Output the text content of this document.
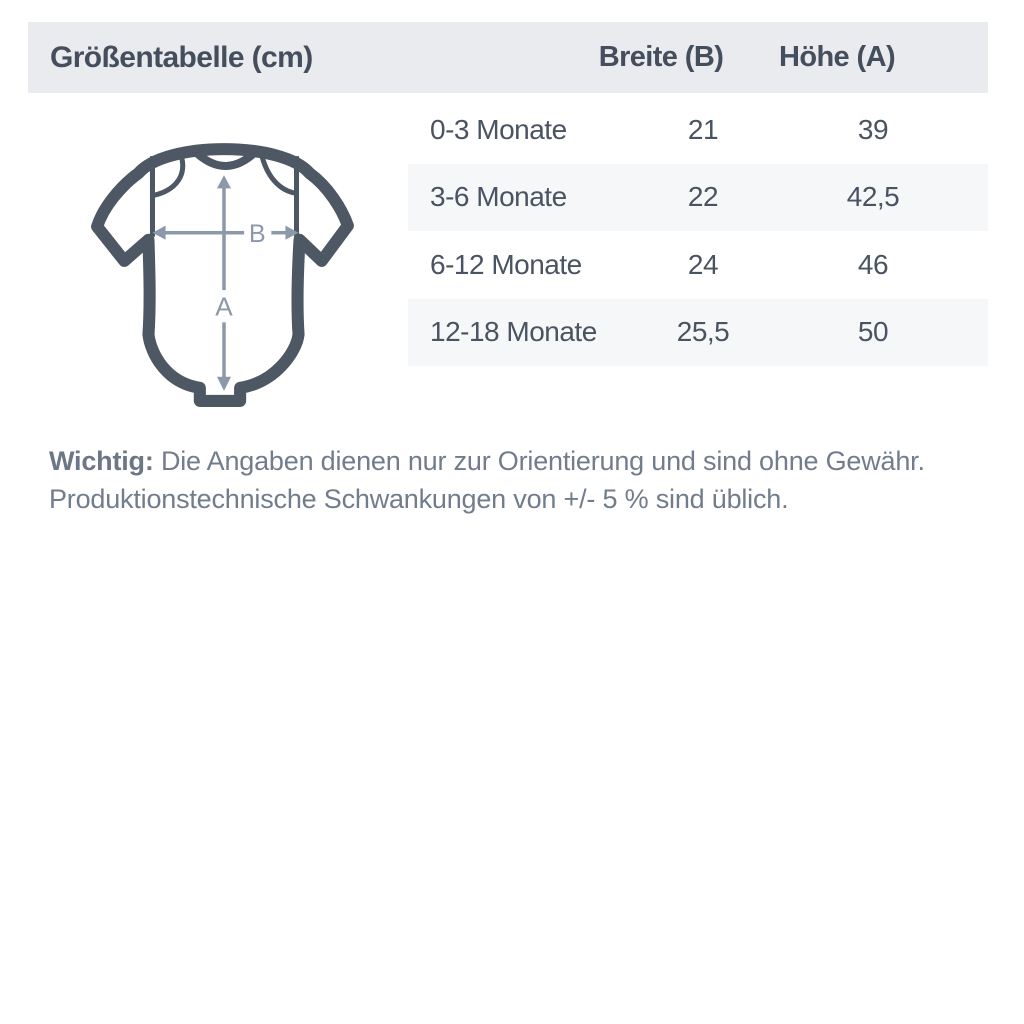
Größentabelle (cm)	Breite (B)	Höhe (A)
0-3 Monate	21	39
3-6 Monate	22	42,5
6-12 Monate	24	46
12-18 Monate	25,5	50
A
B
Wichtig: Die Angaben dienen nur zur Orientierung und sind ohne Gewähr.
Produktionstechnische Schwankungen von +/- 5 % sind üblich.
